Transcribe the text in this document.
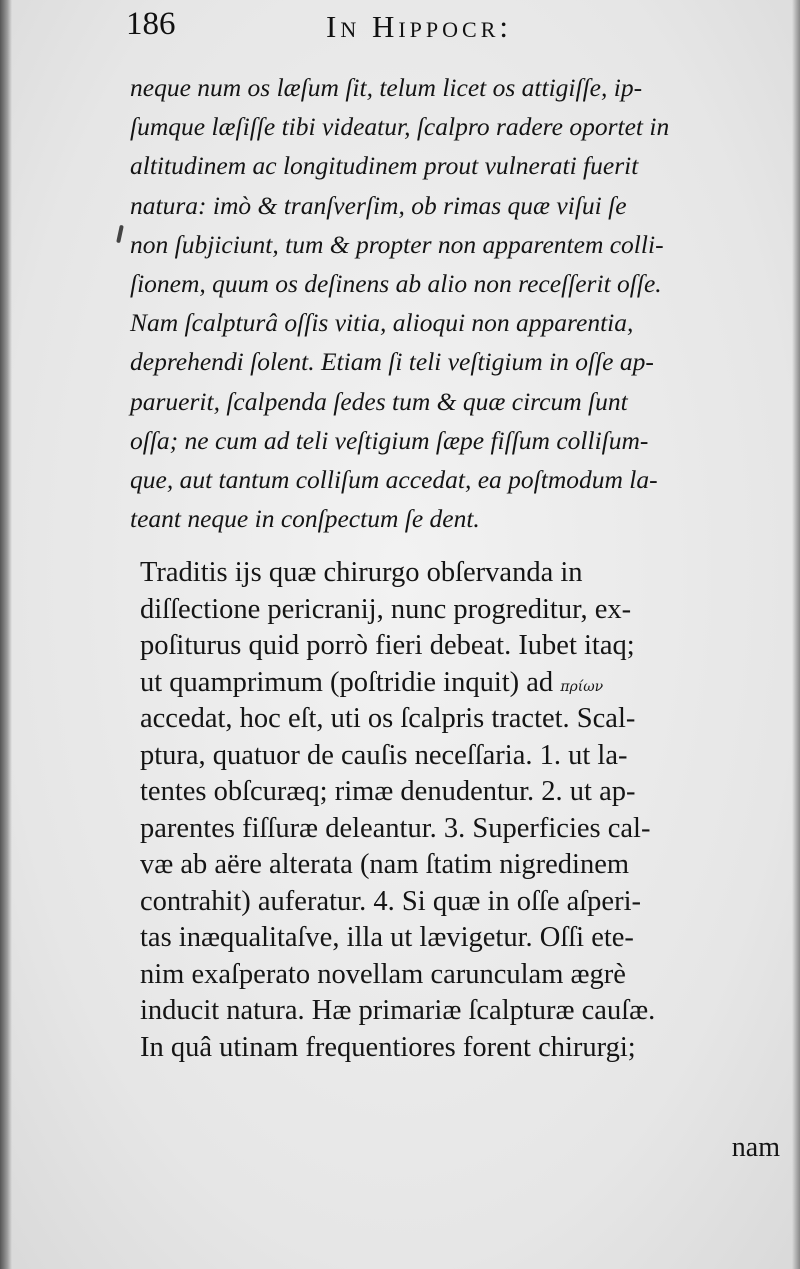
186	In Hippocr:
neque num os læſum ſit, telum licet os attigiſſe, ip-
ſumque læſiſſe tibi videatur, ſcalpro radere oportet in
altitudinem ac longitudinem prout vulnerati fuerit
natura: imò & tranſverſim, ob rimas quæ viſui ſe
non ſubjiciunt, tum & propter non apparentem colli-
ſionem, quum os deſinens ab alio non receſſerit oſſe.
Nam ſcalpturâ oſſis vitia, alioqui non apparentia,
deprehendi ſolent. Etiam ſi teli veſtigium in oſſe ap-
paruerit, ſcalpenda ſedes tum & quæ circum ſunt
oſſa; ne cum ad teli veſtigium ſæpe fiſſum colliſum-
que, aut tantum colliſum accedat, ea poſtmodum la-
teant neque in conſpectum ſe dent.
Traditis ijs quæ chirurgo obſervanda in
diſſectione pericranij, nunc progreditur, ex-
poſiturus quid porrò fieri debeat. Iubet itaq;
ut quamprimum (poſtridie inquit) ad πρίων
accedat, hoc eſt, uti os ſcalpris tractet. Scal-
ptura, quatuor de cauſis neceſſaria. 1. ut la-
tentes obſcuræq; rimæ denudentur. 2. ut ap-
parentes fiſſuræ deleantur. 3. Superficies cal-
væ ab aëre alterata (nam ſtatim nigredinem
contrahit) auferatur. 4. Si quæ in oſſe aſperi-
tas inæqualitaſve, illa ut lævigetur. Oſſi ete-
nim exaſperato novellam carunculam ægrè
inducit natura. Hæ primariæ ſcalpturæ cauſæ.
In quâ utinam frequentiores forent chirurgi;
nam
